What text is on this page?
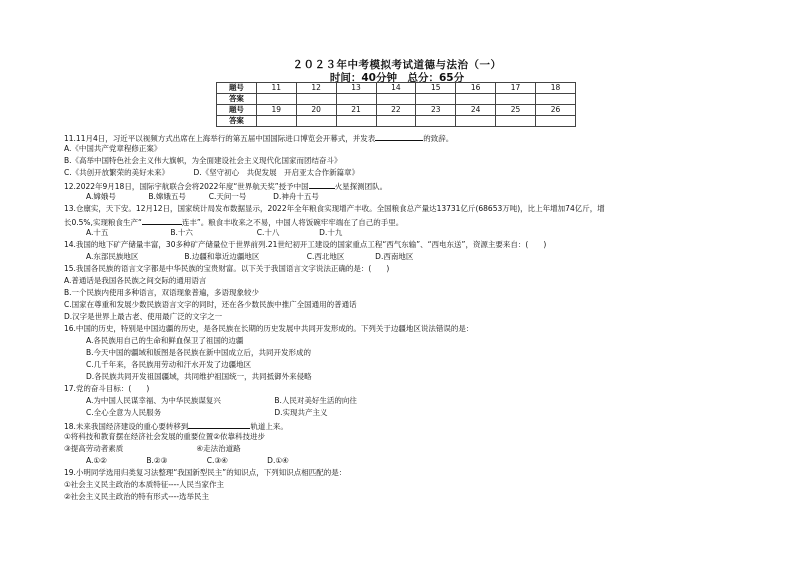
２０２３年中考模拟考试道德与法治（一）
时间：40分钟　总分：65分
题号	11	12	13	14	15	16	17	18
答案								
题号	19	20	21	22	23	24	25	26
答案								
11.11月4日，习近平以视频方式出席在上海举行的第五届中国国际进口博览会开幕式，并发表	的致辞。
A.《中国共产党章程修正案》
B.《高举中国特色社会主义伟大旗帜，为全面建设社会主义现代化国家而团结奋斗》
C.《共创开放繁荣的美好未来》	D.《坚守初心　共促发展　开启亚太合作新篇章》
12.2022年9月18日，国际宇航联合会将2022年度“世界航天奖”授予中国	火星探测团队。
A.嫦娥号	B.嫦娥五号	C.天问一号	D.神舟十五号
13.仓廪实，天下安。12月12日，国家统计局发布数据显示，2022年全年粮食实现增产丰收。全国粮食总产量达13731亿斤(68653万吨)，比上年增加74亿斤，增
长0.5%,实现粮食生产“	连丰”。粮食丰收来之不易，中国人将饭碗牢牢端在了自己的手里。
A.十五	B.十六	C.十八	D.十九
14.我国的地下矿产储量丰富，30多种矿产储量位于世界前列.21世纪初开工建设的国家重点工程“西气东输”、“西电东送”，资源主要来自：(　　)
A.东部民族地区	B.边疆和靠近边疆地区	C.西北地区	D.西南地区
15.我国各民族的语言文字都是中华民族的宝贵财富。以下关于我国语言文字说法正确的是：(　　)
A.普通话是我国各民族之间交际的通用语言
B.一个民族内使用多种语言，双语现象普遍，多语现象较少
C.国家在尊重和发展少数民族语言文字的同时，还在各少数民族中推广全国通用的普通话
D.汉字是世界上最古老、使用最广泛的文字之一
16.中国的历史，特别是中国边疆的历史，是各民族在长期的历史发展中共同开发形成的。下列关于边疆地区说法错误的是：
A.各民族用自己的生命和鲜血保卫了祖国的边疆
B.今天中国的疆域和版图是各民族在新中国成立后，共同开发形成的
C.几千年来，各民族用劳动和汗水开发了边疆地区
D.各民族共同开发祖国疆域，共同维护祖国统一，共同抵御外来侵略
17.党的奋斗目标：(　　)
A.为中国人民谋幸福、为中华民族谋复兴	B.人民对美好生活的向往
C.全心全意为人民服务	D.实现共产主义
18.未来我国经济建设的重心要转移到	轨道上来。
①将科技和教育摆在经济社会发展的重要位置②依靠科技进步
③提高劳动者素质	④走法治道路
A.①②	B.②③	C.③④	D.①④
19.小明同学选用归类复习法整理“我国新型民主”的知识点，下列知识点相匹配的是：
①社会主义民主政治的本质特征----人民当家作主
②社会主义民主政治的特有形式----选举民主
